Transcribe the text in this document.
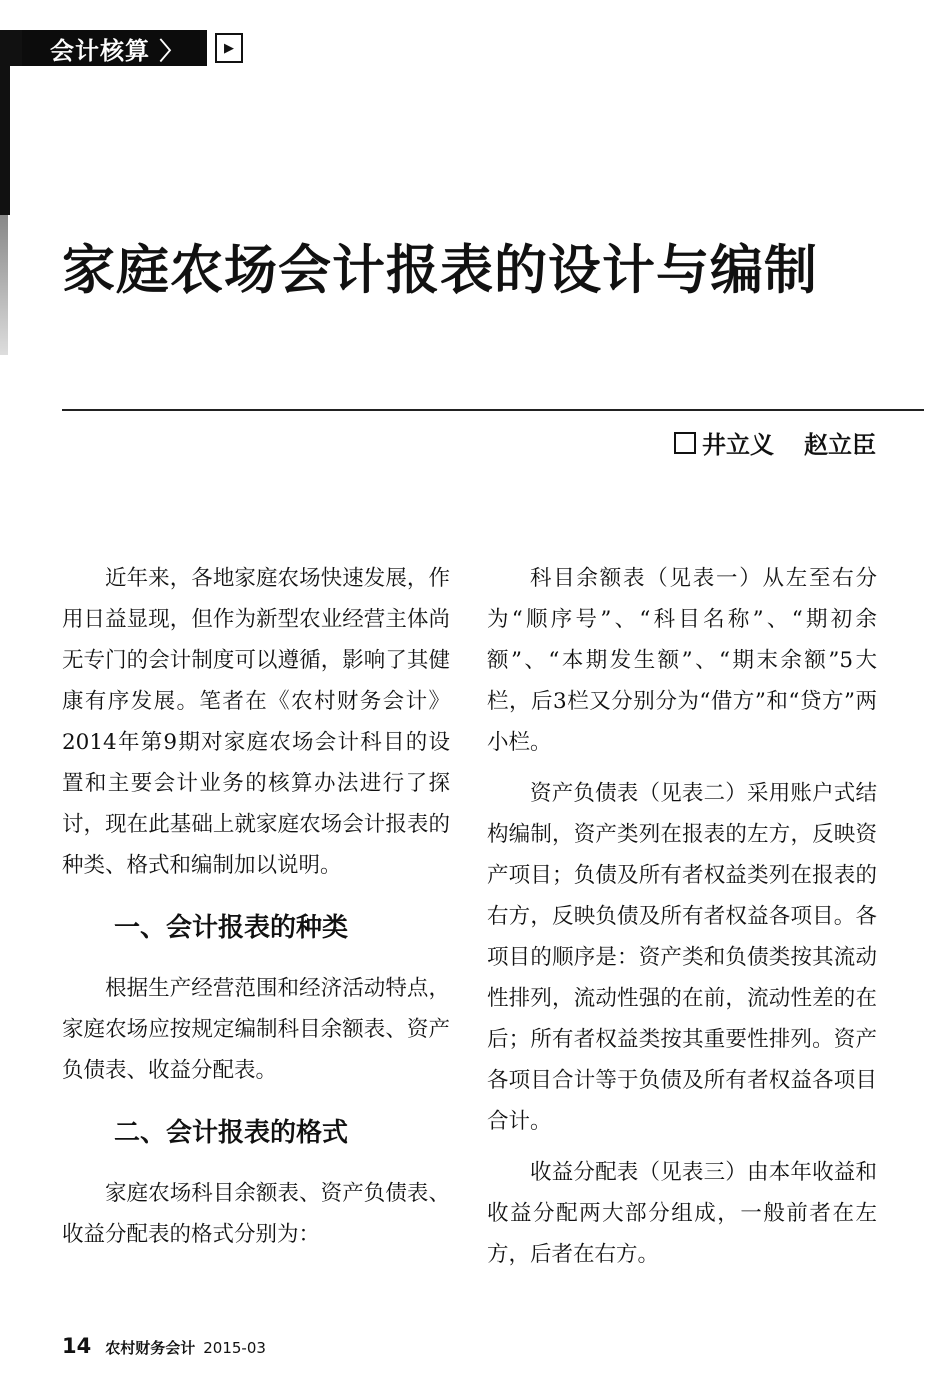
会计核算 〉	▶
家庭农场会计报表的设计与编制
井立义 赵立臣

近年来，各地家庭农场快速发展，作用日益显现，但作为新型农业经营主体尚无专门的会计制度可以遵循，影响了其健康有序发展。笔者在《农村财务会计》2014年第9期对家庭农场会计科目的设置和主要会计业务的核算办法进行了探讨，现在此基础上就家庭农场会计报表的种类、格式和编制加以说明。

一、会计报表的种类

根据生产经营范围和经济活动特点，家庭农场应按规定编制科目余额表、资产负债表、收益分配表。

二、会计报表的格式

家庭农场科目余额表、资产负债表、收益分配表的格式分别为：

科目余额表（见表一）从左至右分为“顺序号”、“科目名称”、“期初余额”、“本期发生额”、“期末余额”5大栏，后3栏又分别分为“借方”和“贷方”两小栏。

资产负债表（见表二）采用账户式结构编制，资产类列在报表的左方，反映资产项目；负债及所有者权益类列在报表的右方，反映负债及所有者权益各项目。各项目的顺序是：资产类和负债类按其流动性排列，流动性强的在前，流动性差的在后；所有者权益类按其重要性排列。资产各项目合计等于负债及所有者权益各项目合计。

收益分配表（见表三）由本年收益和收益分配两大部分组成，一般前者在左方，后者在右方。

14 农村财务会计 2015-03
